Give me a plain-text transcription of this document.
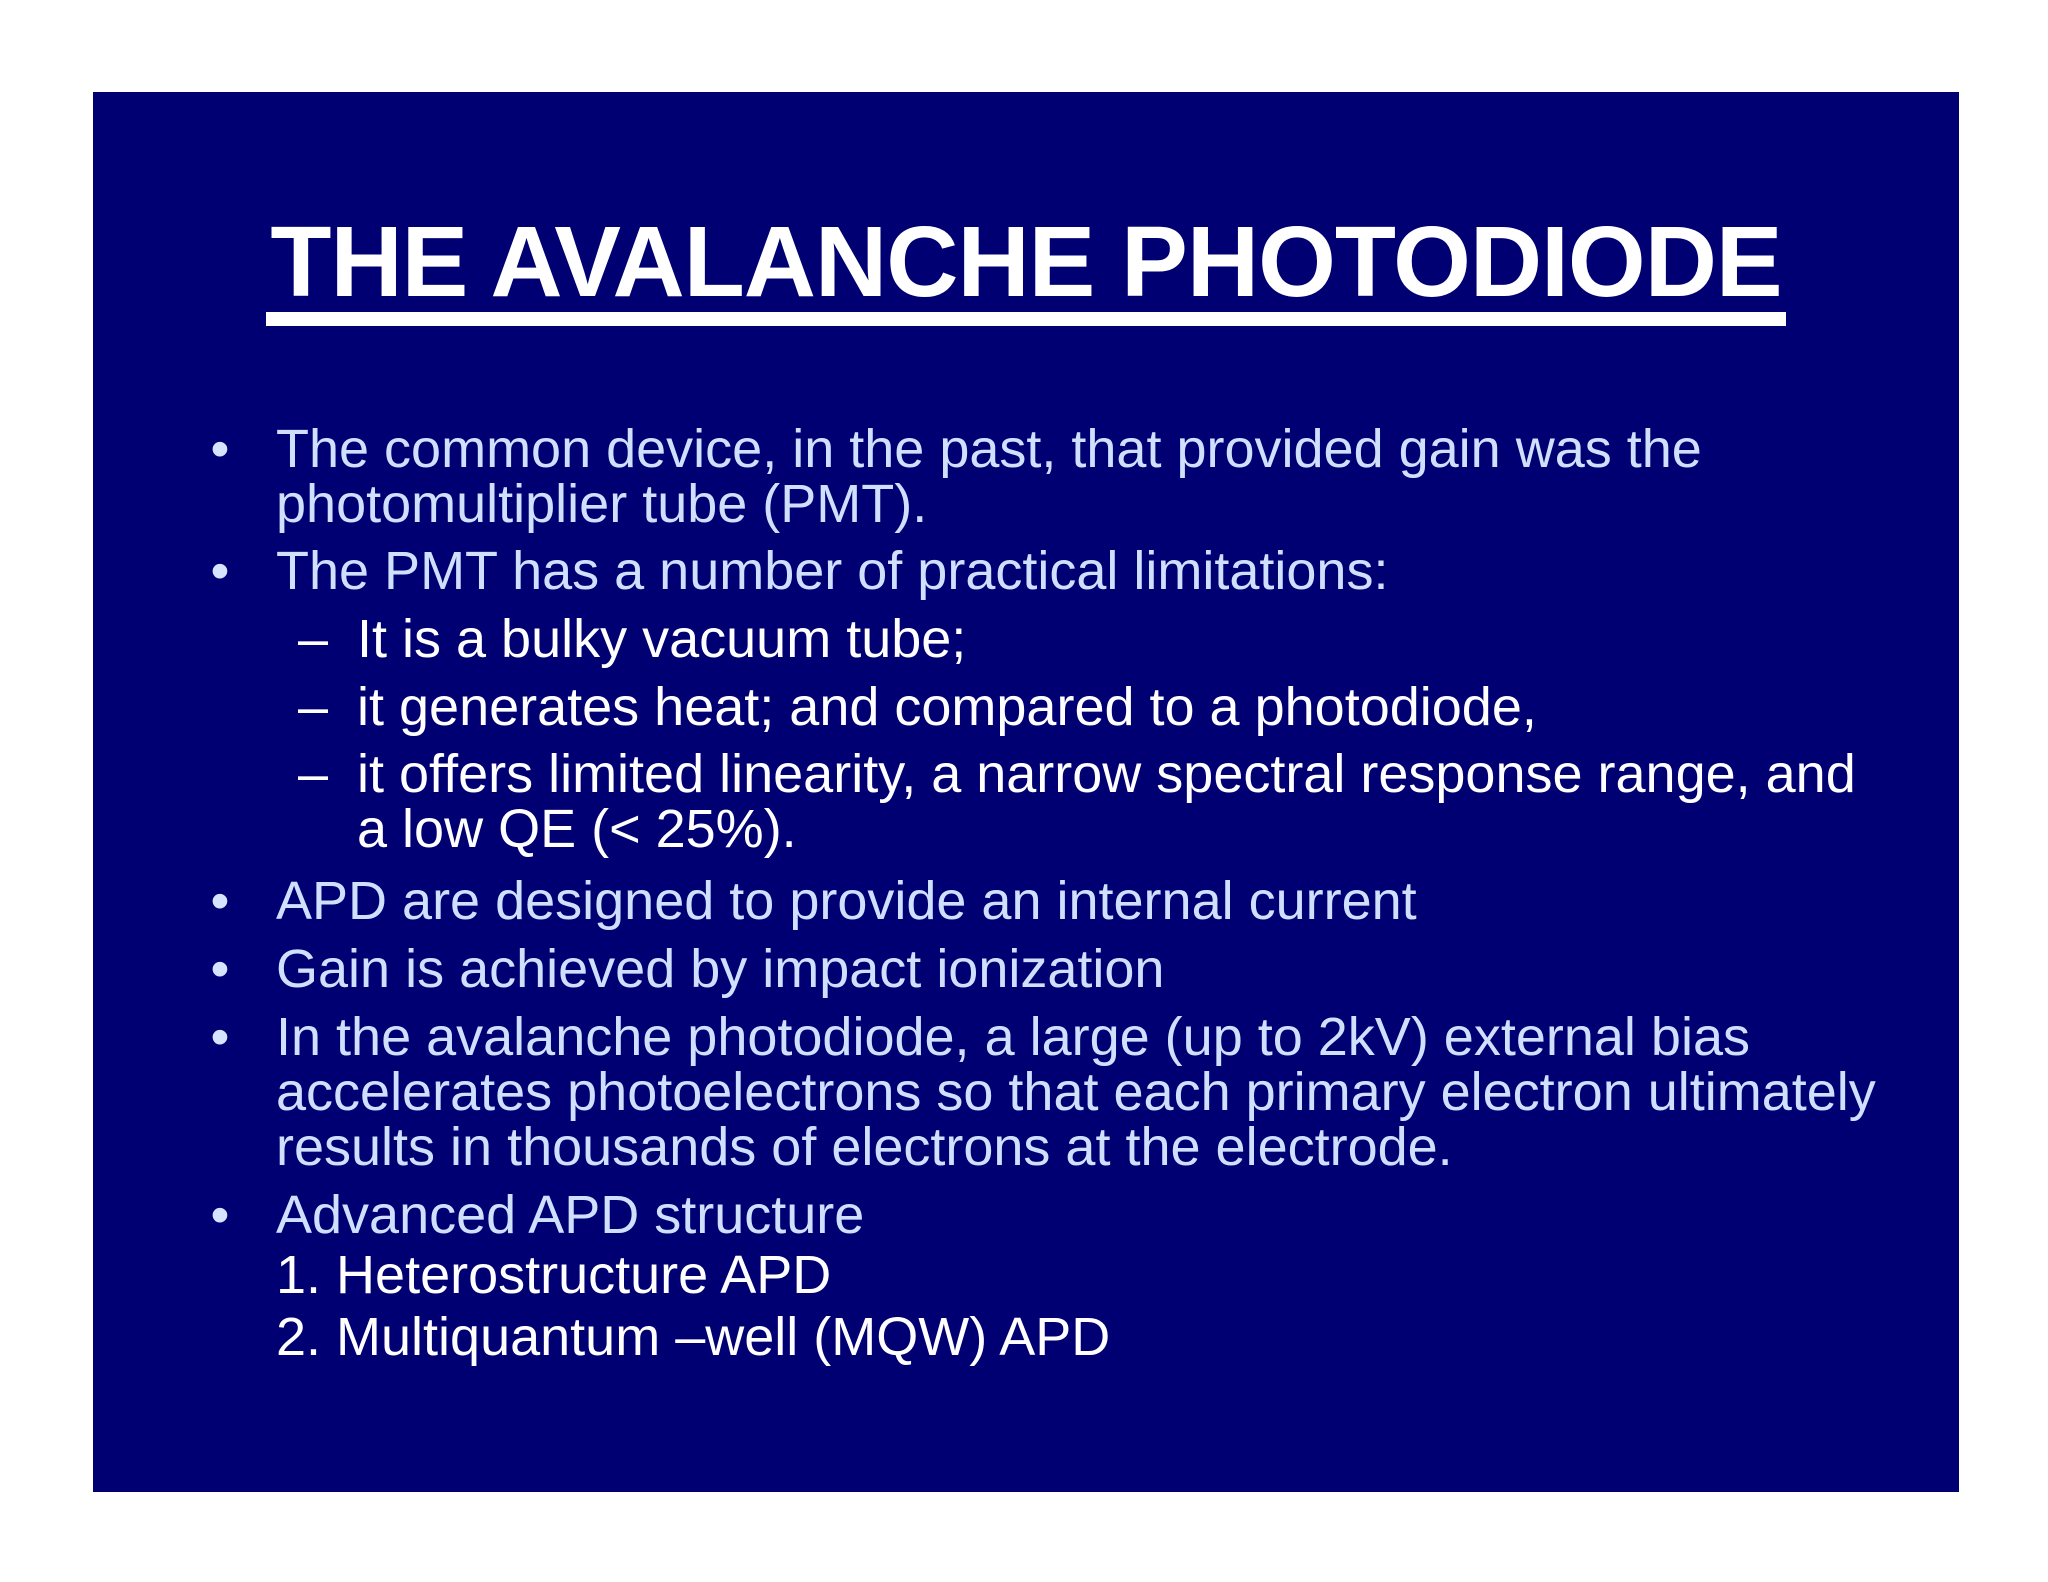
THE AVALANCHE PHOTODIODE
• The common device, in the past, that provided gain was the photomultiplier tube (PMT).
• The PMT has a number of practical limitations:
– It is a bulky vacuum tube;
– it generates heat; and compared to a photodiode,
– it offers limited linearity, a narrow spectral response range, and a low QE (< 25%).
• APD are designed to provide an internal current
• Gain is achieved by impact ionization
• In the avalanche photodiode, a large (up to 2kV) external bias accelerates photoelectrons so that each primary electron ultimately results in thousands of electrons at the electrode.
• Advanced APD structure
1. Heterostructure APD
2. Multiquantum –well (MQW) APD
